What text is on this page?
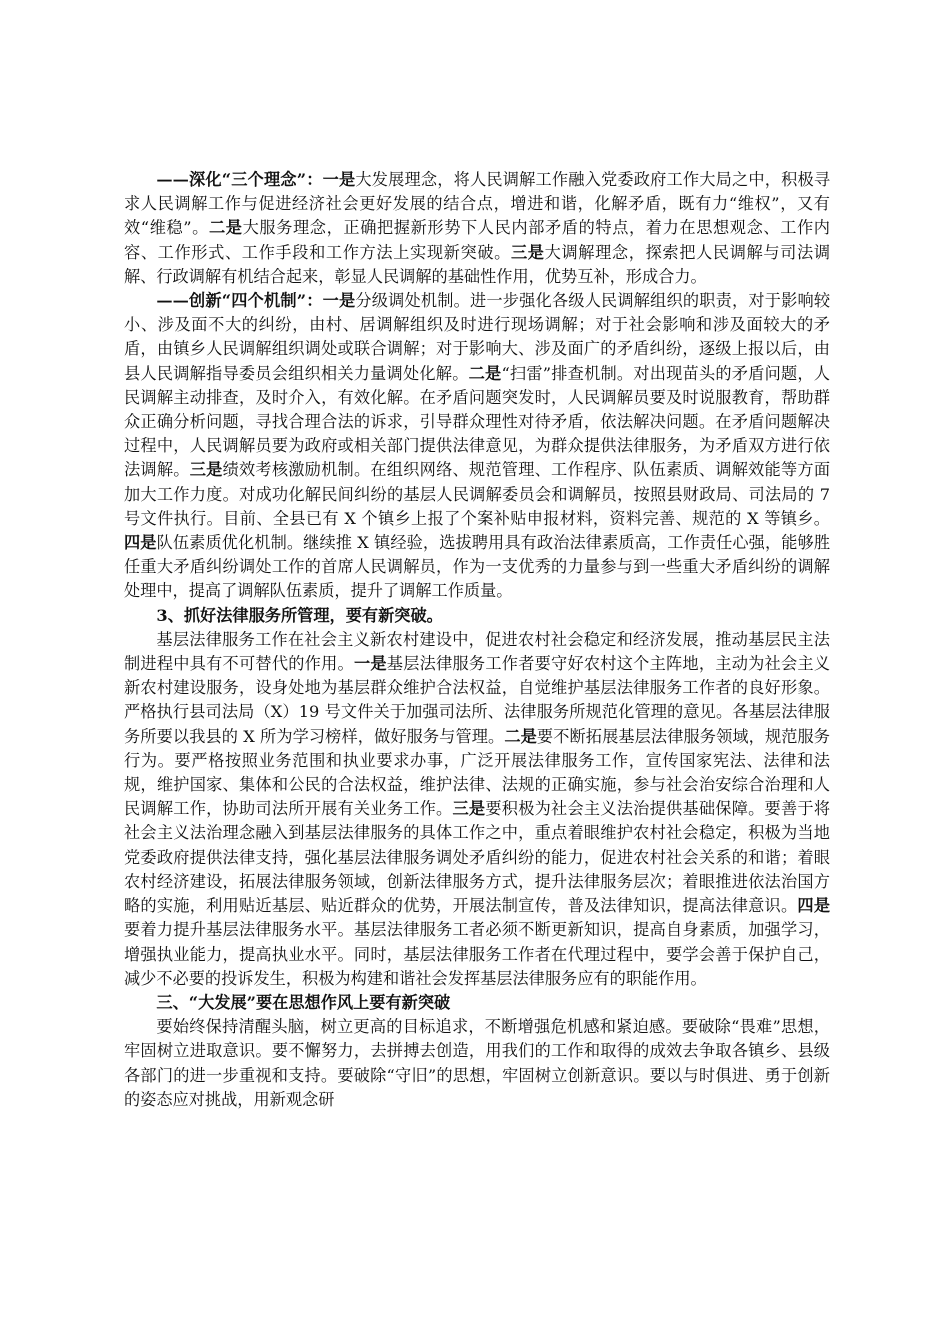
——深化“三个理念”：一是大发展理念，将人民调解工作融入党委政府工作大局之中，积极寻求人民调解工作与促进经济社会更好发展的结合点，增进和谐，化解矛盾，既有力“维权”，又有效“维稳”。二是大服务理念，正确把握新形势下人民内部矛盾的特点，着力在思想观念、工作内容、工作形式、工作手段和工作方法上实现新突破。三是大调解理念，探索把人民调解与司法调解、行政调解有机结合起来，彰显人民调解的基础性作用，优势互补，形成合力。

——创新“四个机制”：一是分级调处机制。进一步强化各级人民调解组织的职责，对于影响较小、涉及面不大的纠纷，由村、居调解组织及时进行现场调解；对于社会影响和涉及面较大的矛盾，由镇乡人民调解组织调处或联合调解；对于影响大、涉及面广的矛盾纠纷，逐级上报以后，由县人民调解指导委员会组织相关力量调处化解。二是“扫雷”排查机制。对出现苗头的矛盾问题，人民调解主动排查，及时介入，有效化解。在矛盾问题突发时，人民调解员要及时说服教育，帮助群众正确分析问题，寻找合理合法的诉求，引导群众理性对待矛盾，依法解决问题。在矛盾问题解决过程中，人民调解员要为政府或相关部门提供法律意见，为群众提供法律服务，为矛盾双方进行依法调解。三是绩效考核激励机制。在组织网络、规范管理、工作程序、队伍素质、调解效能等方面加大工作力度。对成功化解民间纠纷的基层人民调解委员会和调解员，按照县财政局、司法局的 7 号文件执行。目前、全县已有 X 个镇乡上报了个案补贴申报材料，资料完善、规范的 X 等镇乡。四是队伍素质优化机制。继续推 X 镇经验，选拔聘用具有政治法律素质高，工作责任心强，能够胜任重大矛盾纠纷调处工作的首席人民调解员，作为一支优秀的力量参与到一些重大矛盾纠纷的调解处理中，提高了调解队伍素质，提升了调解工作质量。

3、抓好法律服务所管理，要有新突破。

基层法律服务工作在社会主义新农村建设中，促进农村社会稳定和经济发展，推动基层民主法制进程中具有不可替代的作用。一是基层法律服务工作者要守好农村这个主阵地，主动为社会主义新农村建设服务，设身处地为基层群众维护合法权益，自觉维护基层法律服务工作者的良好形象。严格执行县司法局（X）19 号文件关于加强司法所、法律服务所规范化管理的意见。各基层法律服务所要以我县的 X 所为学习榜样，做好服务与管理。二是要不断拓展基层法律服务领域，规范服务行为。要严格按照业务范围和执业要求办事，广泛开展法律服务工作，宣传国家宪法、法律和法规，维护国家、集体和公民的合法权益，维护法律、法规的正确实施，参与社会治安综合治理和人民调解工作，协助司法所开展有关业务工作。三是要积极为社会主义法治提供基础保障。要善于将社会主义法治理念融入到基层法律服务的具体工作之中，重点着眼维护农村社会稳定，积极为当地党委政府提供法律支持，强化基层法律服务调处矛盾纠纷的能力，促进农村社会关系的和谐；着眼农村经济建设，拓展法律服务领域，创新法律服务方式，提升法律服务层次；着眼推进依法治国方略的实施，利用贴近基层、贴近群众的优势，开展法制宣传，普及法律知识，提高法律意识。四是要着力提升基层法律服务水平。基层法律服务工者必须不断更新知识，提高自身素质，加强学习，增强执业能力，提高执业水平。同时，基层法律服务工作者在代理过程中，要学会善于保护自己，减少不必要的投诉发生，积极为构建和谐社会发挥基层法律服务应有的职能作用。

三、“大发展”要在思想作风上要有新突破

要始终保持清醒头脑，树立更高的目标追求，不断增强危机感和紧迫感。要破除“畏难”思想，牢固树立进取意识。要不懈努力，去拼搏去创造，用我们的工作和取得的成效去争取各镇乡、县级各部门的进一步重视和支持。要破除“守旧”的思想，牢固树立创新意识。要以与时俱进、勇于创新的姿态应对挑战，用新观念研
